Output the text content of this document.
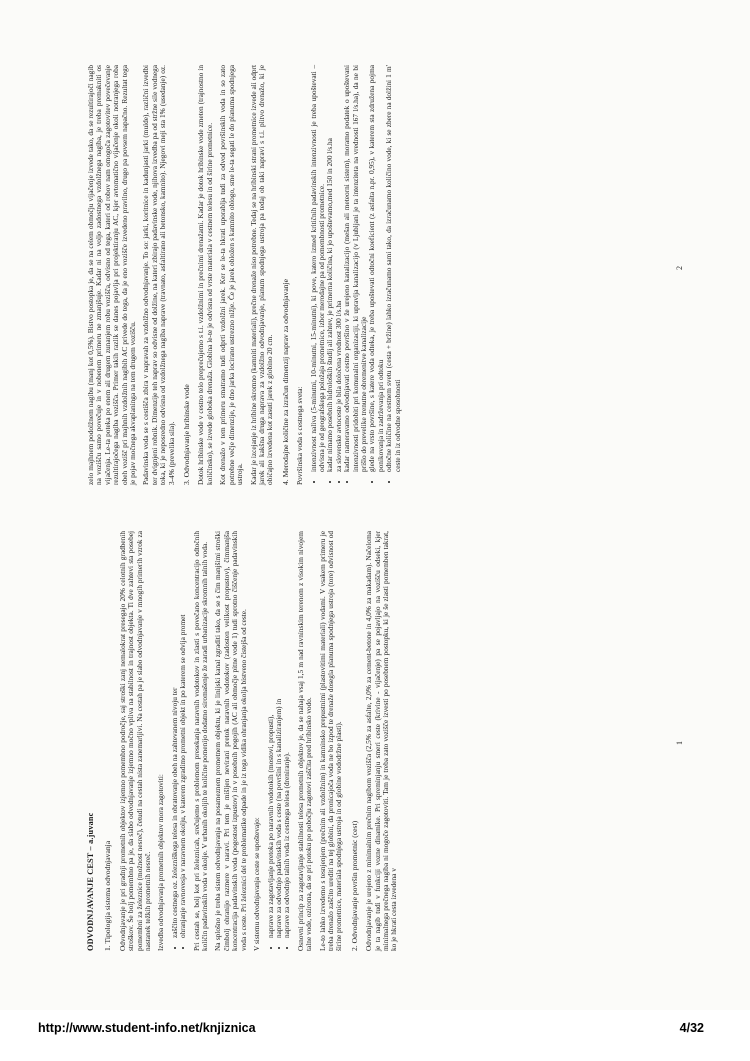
ODVODNJAVANJE CEST – a.juvanc 1. Tipologija sistema odvodnjavanja Odvodnjavanje je pri gradnji prometnih objektov izjemno pomembno področje, saj stroški zanj nemalokrat presegajo 20% celotnih gradbenih stroškov. Še bolj pomembno pa je, da slabo odvodnjavanje izjemno močno vpliva na stabilnost in trajnost objekta. Ti dve zahtevi sta posebej pomembni za železnice (možnost nesreč), četudi na cestah nista zanemarljivi. Na cestah pa je slabo odvodnjavanje v mnogih primerih vzrok za nastanek težkih prometnih nesreč. Izvedba odvodnjavanja prometnih objektov mora zagotoviti: • zaščito cestnega oz. železniškega telesa in obratovanje obeh na zahtevanem nivoju ter • ohranjanje ravnovesja v naravnem okolju, v katerem zgradimo prometni objekt in po katerem se odvija promet Pri cestah se, bolj kot pri železnicah, srečujemo s problemom presekanja naravnih vodotokov in zlasti s povečano koncentracijo odtočnih količin padavinskih voda v okolje. V urbanih okoljih te količine pomenijo dodatno siromašenje že zaradi urbanizacije skromnih talnih voda. Na splošno je treba sistem odvodnjavanja na posameznem prometnem objektu, ki je linijski kanal zgraditi tako, da se s čim manjšimi stroški čimbolj ohranijo razmere v naravi. Pri tem je mišljen nevirani pretok naravnih vodotokov (zadosten velikost propustov), čimmanjša koncentracija padavinskih voda (pogostost izpustov) in v posebnih pogojih (AC ali območje pitne vode 1) tudi sprotno čiščenje padavinskih voda s ceste. Pri železnici del te problematike odpade in je iz tega vidika ohranjanja okolja bistveno čistejša od ceste. V sistemu odvodnjavanja ceste se upoštevajo: • naprave za zagotavljanje pretoka po naravnih vodotokih (mostovi, propusti), • naprave za odvodnjo padavinskih voda s ceste (na površini in s kanaliziranjem) in • naprave za odvodnjo talnih voda iz cestnega telesa (dreniranje). Osnovni princip za zagotavljanje stabilnosti telesa prometnih objektov je, da se nahaja vsaj 1,5 m nad ravninskim terenom z visokim nivojem talne vode, oziroma, da se pri potoku po pobočju zagotovi zaščita pred hribinsko vodo. Le-to lahko izvedemo s tesnjenjem (prečnim ali vzdolžnim) in kamninsko prepustnimi (plastovitimi materiali) vodami. V vsakem primeru je treba drenažo zaščito urediti na tej globini, da pronicajoča voda ne bo izpod te drenaže dosegla planuma spodnjega ustroja (tore) odvisnost od širine prometnice, materiala spodnjega ustroja in od globine vododržne plasti). 2. Odvodnjavanje površin prometnic (cest) Odvodnjavanje je urejeno z minimalnim prečnim nagibom vozišča (2,5% za asfalte, 2,0% za cement-betone in 4,0% za makadam). Načeloma je ta nagib tudi v funkciji vozne dinamike. Pri spreminjanju smeri ceste (krivine - vijačenje) pa se pojavljajo na vozišču odseki, kjer minimalnega prečnega nagiba ni mogoče zagotoviti. Tam je treba zato vozišče izvesti po posebnem postopku, ki je še zlasti pomemben takrat, ko je hkrati cesta izvedena v

1

zelo majhnem podolžnem nagibu (manj kot 0,5%). Bistvo postopka je, da se na celem območju vijačenje izvede tako, da se rezultirajoči nagib na vozišču samo povečuje in v nobenem primeru ne zmanjšuje. Kadar ni na voljo zadostnega vzdolžnega nagiba, je treba premakniti os vijačenja. Le-ta poteka po enem ali drugem zunanjem robu vozišča, odvisno od tega, kateri od robov nam omogoča zagotovitev povečevanje rezultirajočega nagiba vozišča. Primer takih razlik se danes pojavlja pri projektiranju AC, kjer avtomatično vijačenje okoli notranjega roba obeh vozišč pri majhnih vzdolžnih nagibih AC privede do tega, da je eno vozišče izvedeno pravilno, drugo pa povsem napačno. Rezultat tega je pojav močnega akvaplaninga na tem drugem vozišču. Padavinska voda se s cestišča zbira v napravah za vzdolžno odvodnjavanje. To so: jarki, koritnice in kadunjasti jarki (mulde), različni izvedbi ter dvignjeni robnik. Dimenzije teh naprav so odvisne od dolžine, na kateri zbirajo padavinske vode, njihova izvedba pa od stržne sile vodnega toka, ki je neposredno odvisna od vzdolžnega nagiba naprave (travnato, asfaltirano ali betonsko, kamnito). Njegovi meji sta 1% (usedanje) oz. 3-4% (prevelika sila). 3. Odvodnjavanje hribinske vode Dotok hribinske vode v cestno telo preprečujemo s t.i. vzdolžnimi in prečnimi drenažami. Kadar je dotok hribinske vode zmeten (trajnostno in količinsko), se izvede globoka drenaža. Globina le-te je odvisna od vrste materiala v cestnem telesu in od širine prometnice. Kot drenažo v tem primeru smatramo tudi odprti vzdolžni jarek. Ker se le-ta hkrati uporablja tudi za odvod površinskih voda in so zato potrebne večje dimenzije, je dno jarka locirano ustrezno nižje. Če je jarek obložen s kamnito oblogo, sme le-ta segati le do planuma spodnjega ustroja. Kadar je izcejanje iz hribine skromno (kamniti materiali), prečne drenaže niso potrebne. Tedaj se na hribinski strani prometnice izvede ali odprt jarek ali kakšna druga naprava za vzdolžno odvodnjavanje, planum spodnjega ustroja pa tedaj ob taki napravi s t.i. plitvo drenažo, ki je običajno izvedena kot zasuti jarek z globino 20 cm. 4. Merodajne količine za izračun dimenzij naprav za odvodnjavanje Površinska voda s cestnega sveta: • intenzivnost naliva (5-minutni, 10-minutni, 15-minutni), ki pove, katero izmed kritičnih padavinskih intenzivnosti je treba upoštevati – odvisna je od geografskega položaja prometnice, izbor merodajne pa od pomembnosti prometnice. • kadar nimamo posebnih hidroloških študij ali zahtev, je primerna količina, ki jo upoštevamo,med 150 in 200 l/s.ha • za slovenske avtoceste je bila določena vrednost 300 l/s.ha • kadar nameravamo odvodnjavati cestno površino v že urejeno kanalizacijo (mešan ali meteorni sistem), moramo podatek o upoštevani intenzivnosti pridobiti pri komunalni organizaciji, ki upravlja kanalizacijo (v Ljubljani je ta intenziteta na vrednosti 167 l/s.ha), da ne bi prišlo do prevelike trenutne obremenitve kanalizacije • glede na vrsto površine, s katere voda odteka, je treba upoštevati odtočni koeficient (z asfalta n.pr. 0,95), v katerem sta združena pojma ponikovanja in zadrževanja pri odtoku • odtočne količine na cestnem svetu (cesta + bržine) lahko izračunamo sami tako, da izračunamo količino vode, ki se zbere na dolžini 1 m' ceste in iz odvodne sposobnosti
2
http://www.student-info.net/knjiznica	4/32
